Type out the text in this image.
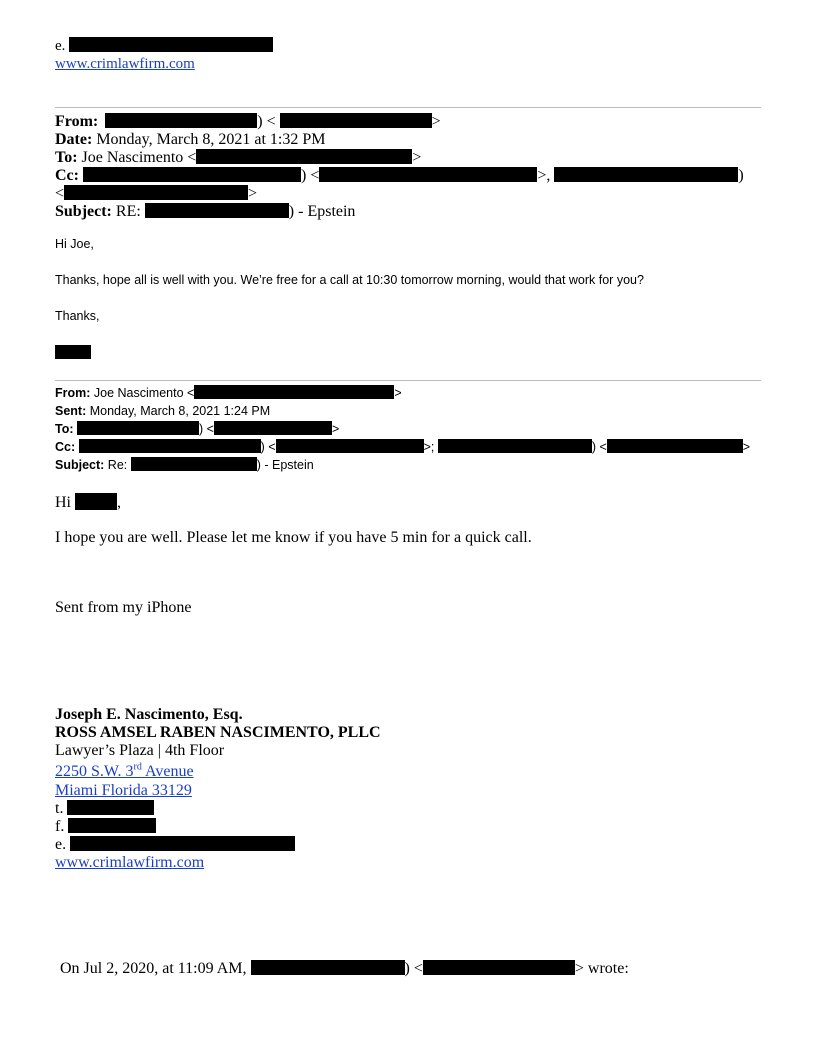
e.
www.crimlawfirm.com
From:	) <	>
Date: Monday, March 8, 2021 at 1:32 PM
To: Joe Nascimento <	>
Cc:	) <	>,	)
<	>
Subject: RE:	) - Epstein
Hi Joe,
Thanks, hope all is well with you. We’re free for a call at 10:30 tomorrow morning, would that work for you?
Thanks,
From: Joe Nascimento <	>
Sent: Monday, March 8, 2021 1:24 PM
To:	) <	>
Cc:	) <	>;	) <	>
Subject: Re:	) - Epstein
Hi	,
I hope you are well. Please let me know if you have 5 min for a quick call.
Sent from my iPhone
Joseph E. Nascimento, Esq.
ROSS AMSEL RABEN NASCIMENTO, PLLC
Lawyer’s Plaza | 4th Floor
2250 S.W. 3rd Avenue
Miami Florida 33129
t.
f.
e.
www.crimlawfirm.com
On Jul 2, 2020, at 11:09 AM,	) <	> wrote:
